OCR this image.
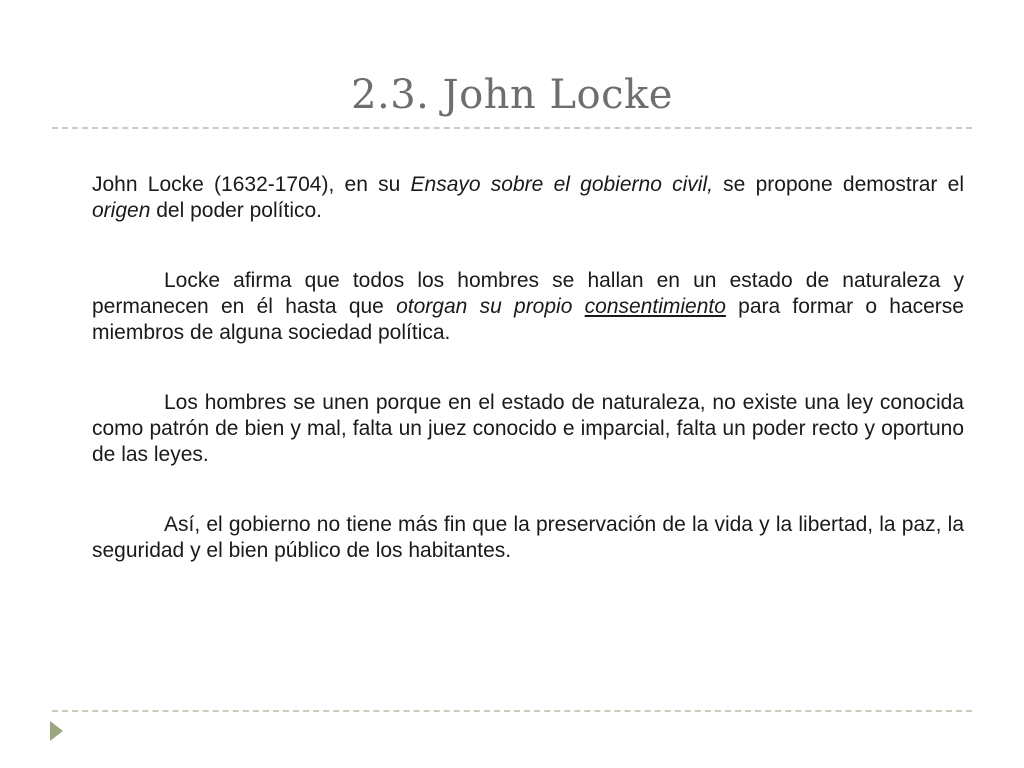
2.3. John Locke

John Locke (1632-1704), en su Ensayo sobre el gobierno civil, se propone demostrar el origen del poder político.

Locke afirma que todos los hombres se hallan en un estado de naturaleza y permanecen en él hasta que otorgan su propio consentimiento para formar o hacerse miembros de alguna sociedad política.

Los hombres se unen porque en el estado de naturaleza, no existe una ley conocida como patrón de bien y mal, falta un juez conocido e imparcial, falta un poder recto y oportuno de las leyes.

Así, el gobierno no tiene más fin que la preservación de la vida y la libertad, la paz, la seguridad y el bien público de los habitantes.
